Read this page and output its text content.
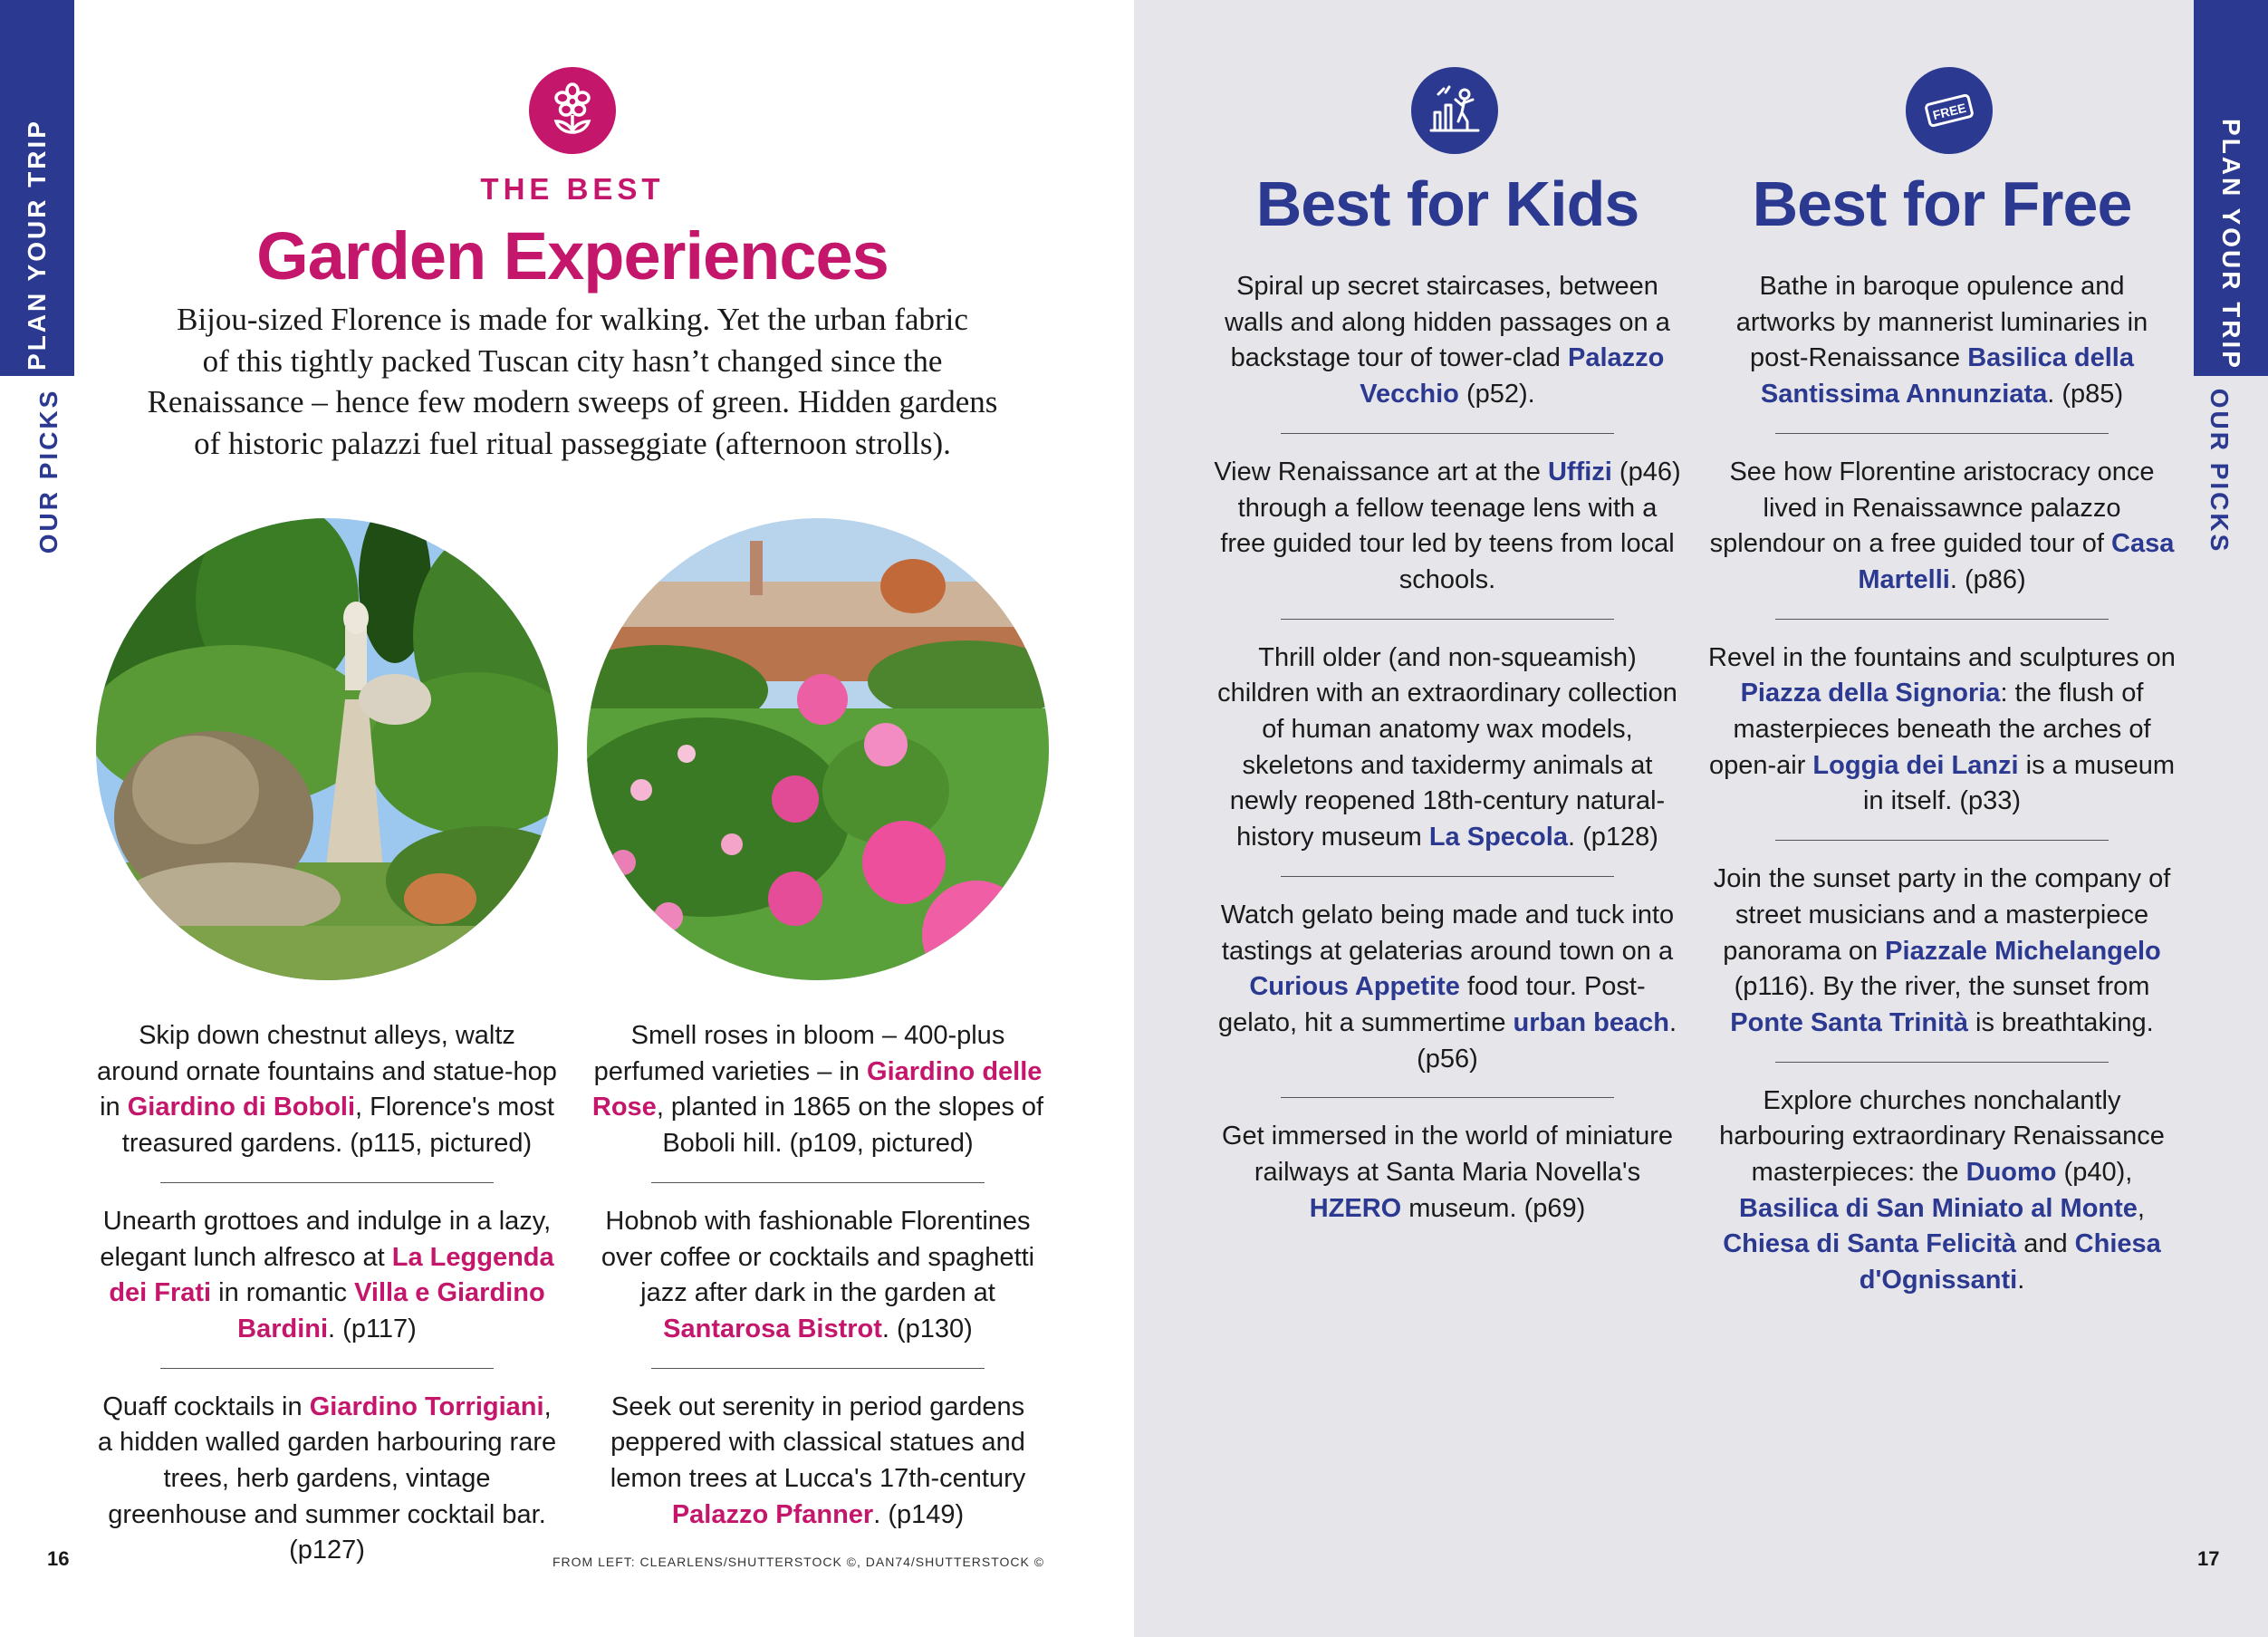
PLAN YOUR TRIP
OUR PICKS
PLAN YOUR TRIP
OUR PICKS
THE BEST
Garden Experiences
Bijou-sized Florence is made for walking. Yet the urban fabric
of this tightly packed Tuscan city hasn’t changed since the
Renaissance – hence few modern sweeps of green. Hidden gardens
of historic palazzi fuel ritual passeggiate (afternoon strolls).

Skip down chestnut alleys, waltz around ornate fountains and statue-hop in Giardino di Boboli, Florence's most treasured gardens. (p115, pictured)

Unearth grottoes and indulge in a lazy, elegant lunch alfresco at La Leggenda dei Frati in romantic Villa e Giardino Bardini. (p117)

Quaff cocktails in Giardino Torrigiani, a hidden walled garden harbouring rare trees, herb gardens, vintage greenhouse and summer cocktail bar. (p127)

Smell roses in bloom – 400-plus perfumed varieties – in Giardino delle Rose, planted in 1865 on the slopes of Boboli hill. (p109, pictured)

Hobnob with fashionable Florentines over coffee or cocktails and spaghetti jazz after dark in the garden at Santarosa Bistrot. (p130)

Seek out serenity in period gardens peppered with classical statues and lemon trees at Lucca's 17th-century Palazzo Pfanner. (p149)

Best for Kids
FREE
Best for Free

Spiral up secret staircases, between walls and along hidden passages on a backstage tour of tower-clad Palazzo Vecchio (p52).

View Renaissance art at the Uffizi (p46) through a fellow teenage lens with a free guided tour led by teens from local schools.

Thrill older (and non-squeamish) children with an extraordinary collection of human anatomy wax models, skeletons and taxidermy animals at newly reopened 18th-century natural-history museum La Specola. (p128)

Watch gelato being made and tuck into tastings at gelaterias around town on a Curious Appetite food tour. Post-gelato, hit a summertime urban beach. (p56)

Get immersed in the world of miniature railways at Santa Maria Novella's HZERO museum. (p69)

Bathe in baroque opulence and artworks by mannerist luminaries in post-Renaissance Basilica della Santissima Annunziata. (p85)

See how Florentine aristocracy once lived in Renaissawnce palazzo splendour on a free guided tour of Casa Martelli. (p86)

Revel in the fountains and sculptures on Piazza della Signoria: the flush of masterpieces beneath the arches of open-air Loggia dei Lanzi is a museum in itself. (p33)

Join the sunset party in the company of street musicians and a masterpiece panorama on Piazzale Michelangelo (p116). By the river, the sunset from Ponte Santa Trinità is breathtaking.

Explore churches nonchalantly harbouring extraordinary Renaissance masterpieces: the Duomo (p40), Basilica di San Miniato al Monte, Chiesa di Santa Felicità and Chiesa d'Ognissanti.

16	FROM LEFT: CLEARLENS/SHUTTERSTOCK ©, DAN74/SHUTTERSTOCK ©	17
